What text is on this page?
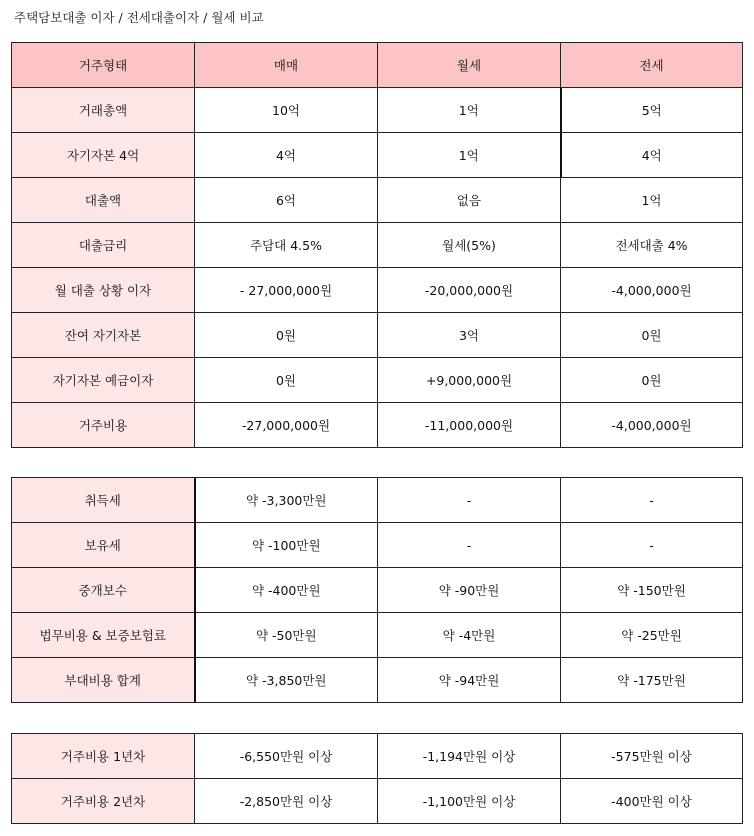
주택담보대출 이자 / 전세대출이자 / 월세 비교
거주형태	매매	월세	전세
거래총액	10억	1억	5억
자기자본 4억	4억	1억	4억
대출액	6억	없음	1억
대출금리	주담대 4.5%	월세(5%)	전세대출 4%
월 대출 상황 이자	- 27,000,000원	-20,000,000원	-4,000,000원
잔여 자기자본	0원	3억	0원
자기자본 예금이자	0원	+9,000,000원	0원
거주비용	-27,000,000원	-11,000,000원	-4,000,000원
취득세	약 -3,300만원	-	-
보유세	약 -100만원	-	-
중개보수	약 -400만원	약 -90만원	약 -150만원
법무비용 & 보증보험료	약 -50만원	약 -4만원	약 -25만원
부대비용 합계	약 -3,850만원	약 -94만원	약 -175만원
거주비용 1년차	-6,550만원 이상	-1,194만원 이상	-575만원 이상
거주비용 2년차	-2,850만원 이상	-1,100만원 이상	-400만원 이상
